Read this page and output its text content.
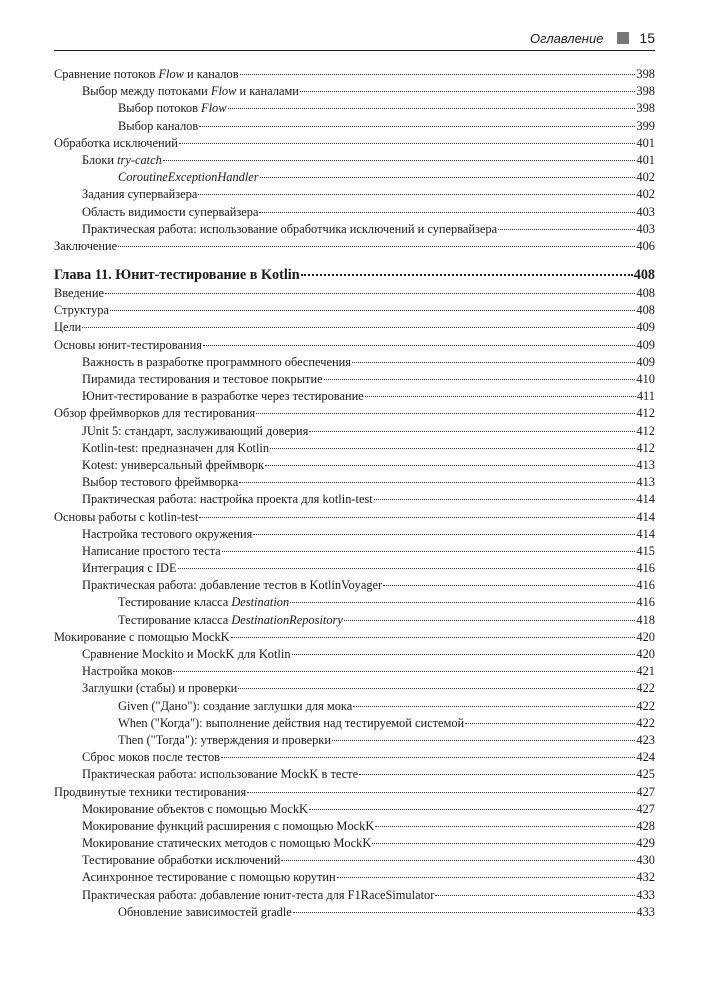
Оглавление	15
Сравнение потоков Flow и каналов	398
Выбор между потоками Flow и каналами	398
Выбор потоков Flow	398
Выбор каналов	399
Обработка исключений	401
Блоки try-catch	401
CoroutineExceptionHandler	402
Задания супервайзера	402
Область видимости супервайзера	403
Практическая работа: использование обработчика исключений и супервайзера	403
Заключение	406
Глава 11. Юнит-тестирование в Kotlin	408
Введение	408
Структура	408
Цели	409
Основы юнит-тестирования	409
Важность в разработке программного обеспечения	409
Пирамида тестирования и тестовое покрытие	410
Юнит-тестирование в разработке через тестирование	411
Обзор фреймворков для тестирования	412
JUnit 5: стандарт, заслуживающий доверия	412
Kotlin-test: предназначен для Kotlin	412
Kotest: универсальный фреймворк	413
Выбор тестового фреймворка	413
Практическая работа: настройка проекта для kotlin-test	414
Основы работы с kotlin-test	414
Настройка тестового окружения	414
Написание простого теста	415
Интеграция с IDE	416
Практическая работа: добавление тестов в KotlinVoyager	416
Тестирование класса Destination	416
Тестирование класса DestinationRepository	418
Мокирование с помощью MockK	420
Сравнение Mockito и MockK для Kotlin	420
Настройка моков	421
Заглушки (стабы) и проверки	422
Given ("Дано"): создание заглушки для мока	422
When ("Когда"): выполнение действия над тестируемой системой	422
Then ("Тогда"): утверждения и проверки	423
Сброс моков после тестов	424
Практическая работа: использование MockK в тесте	425
Продвинутые техники тестирования	427
Мокирование объектов с помощью MockK	427
Мокирование функций расширения с помощью MockK	428
Мокирование статических методов с помощью MockK	429
Тестирование обработки исключений	430
Асинхронное тестирование с помощью корутин	432
Практическая работа: добавление юнит-теста для F1RaceSimulator	433
Обновление зависимостей gradle	433
